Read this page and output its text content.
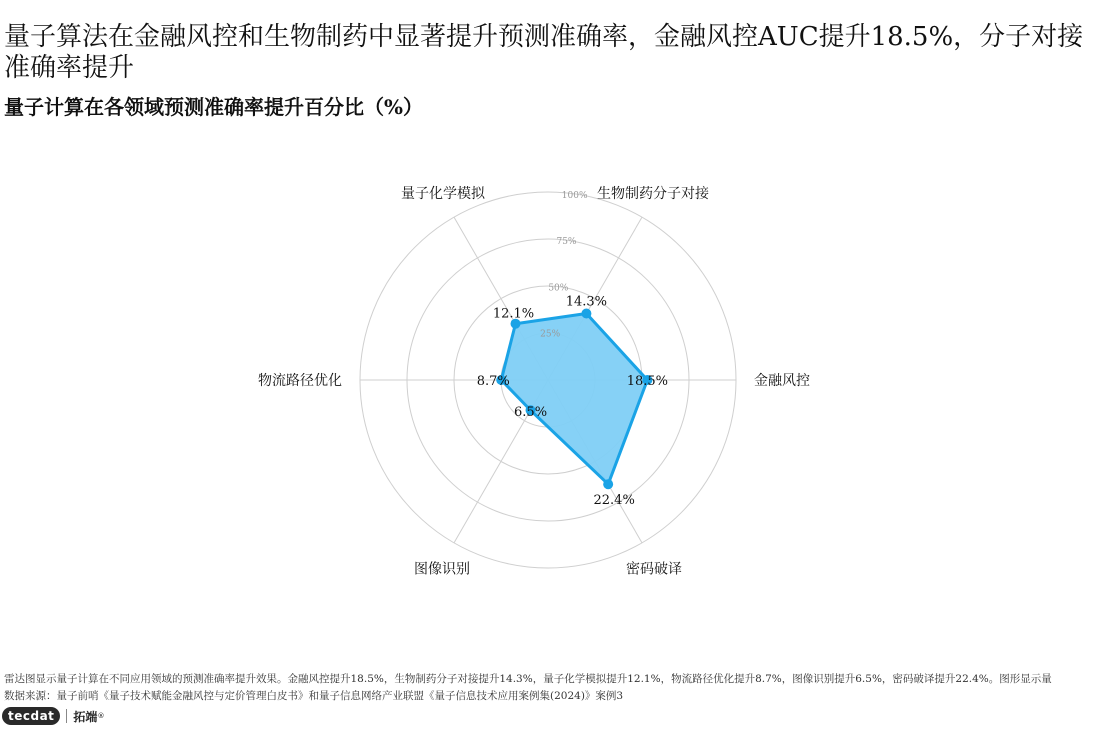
量子算法在金融风控和生物制药中显著提升预测准确率，金融风控AUC提升18.5%，分子对接准确率提升
量子计算在各领域预测准确率提升百分比（%）
25%
50%
75%
100%
18.5%
14.3%
12.1%
8.7%
6.5%
22.4%
金融风控
生物制药分子对接
量子化学模拟
物流路径优化
图像识别	密码破译

雷达图显示量子计算在不同应用领域的预测准确率提升效果。金融风控提升18.5%，生物制药分子对接提升14.3%，量子化学模拟提升12.1%，物流路径优化提升8.7%，图像识别提升6.5%，密码破译提升22.4%。图形显示量

数据来源：量子前哨《量子技术赋能金融风控与定价管理白皮书》和量子信息网络产业联盟《量子信息技术应用案例集(2024)》案例3

tecdat	拓端 ®
